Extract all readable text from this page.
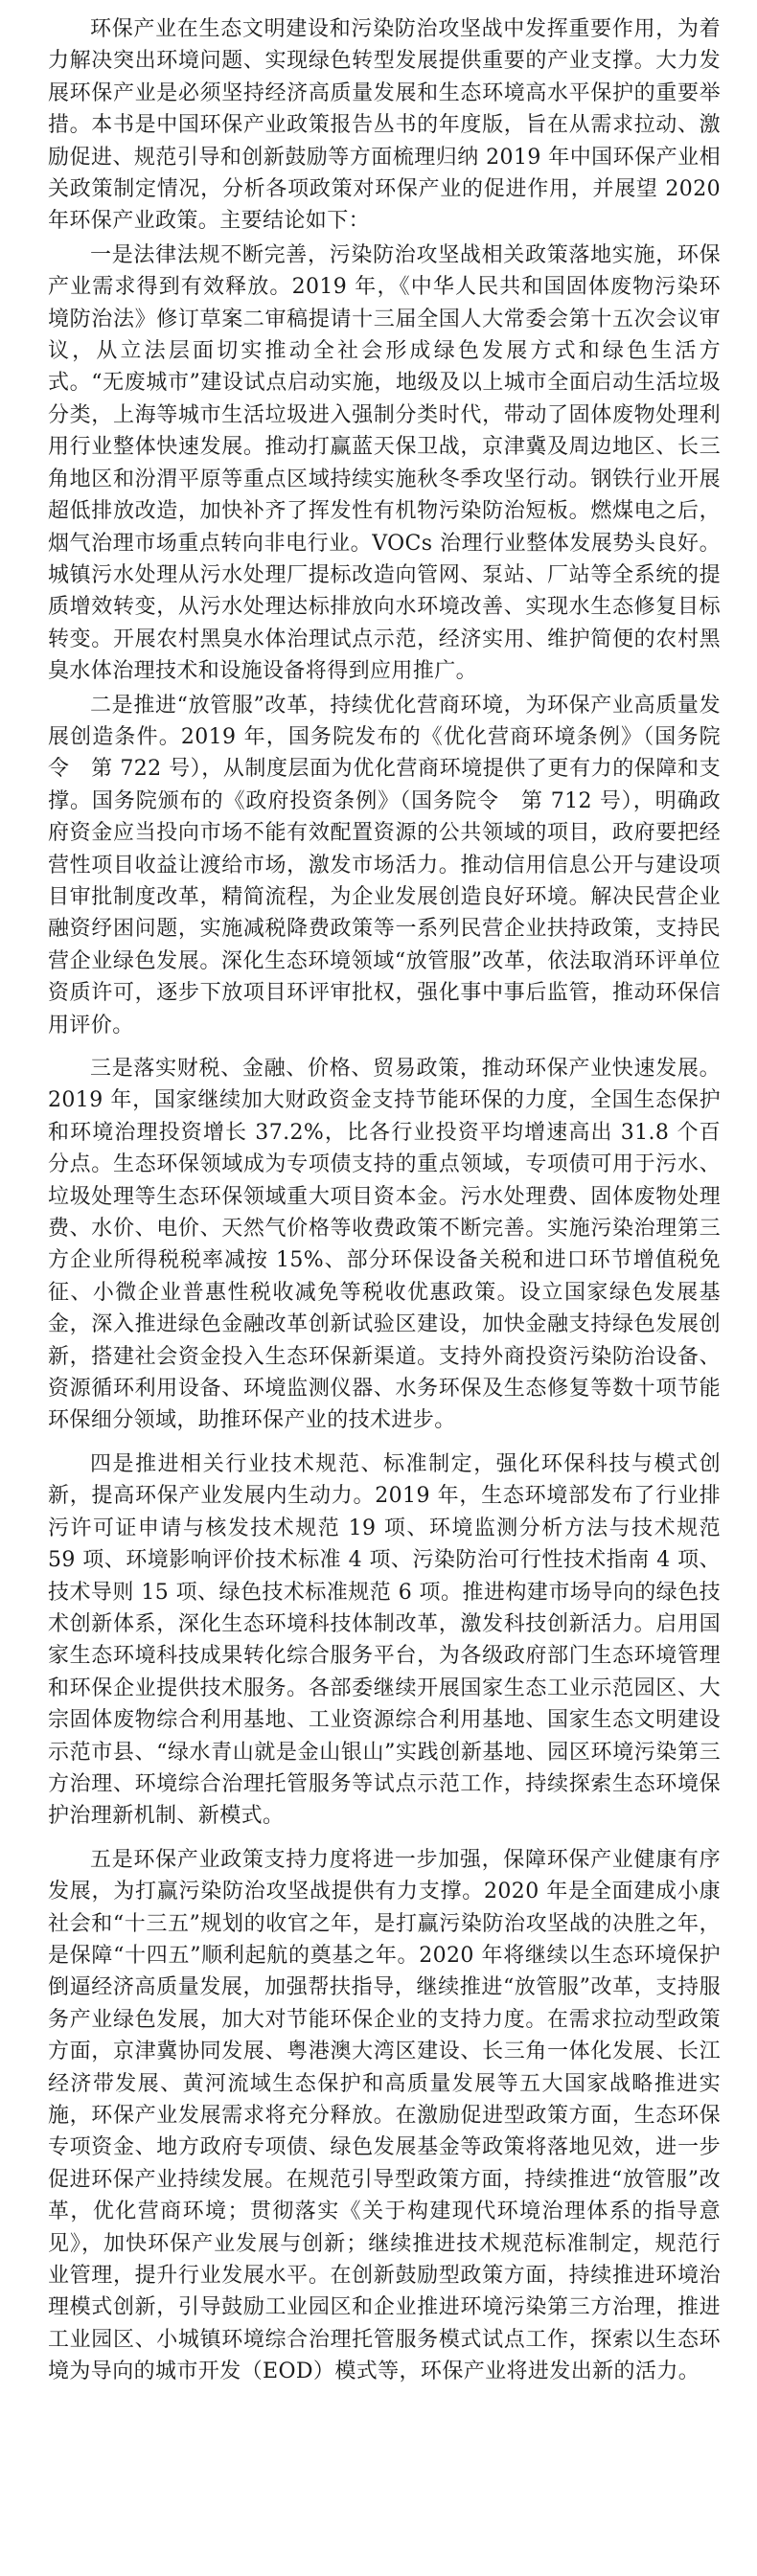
环保产业在生态文明建设和污染防治攻坚战中发挥重要作用，为着力解决突出环境问题、实现绿色转型发展提供重要的产业支撑。大力发展环保产业是必须坚持经济高质量发展和生态环境高水平保护的重要举措。本书是中国环保产业政策报告丛书的年度版，旨在从需求拉动、激励促进、规范引导和创新鼓励等方面梳理归纳 2019 年中国环保产业相关政策制定情况，分析各项政策对环保产业的促进作用，并展望 2020 年环保产业政策。主要结论如下：

一是法律法规不断完善，污染防治攻坚战相关政策落地实施，环保产业需求得到有效释放。2019 年，《中华人民共和国固体废物污染环境防治法》修订草案二审稿提请十三届全国人大常委会第十五次会议审议，从立法层面切实推动全社会形成绿色发展方式和绿色生活方式。“无废城市”建设试点启动实施，地级及以上城市全面启动生活垃圾分类，上海等城市生活垃圾进入强制分类时代，带动了固体废物处理利用行业整体快速发展。推动打赢蓝天保卫战，京津冀及周边地区、长三角地区和汾渭平原等重点区域持续实施秋冬季攻坚行动。钢铁行业开展超低排放改造，加快补齐了挥发性有机物污染防治短板。燃煤电之后，烟气治理市场重点转向非电行业。VOCs 治理行业整体发展势头良好。城镇污水处理从污水处理厂提标改造向管网、泵站、厂站等全系统的提质增效转变，从污水处理达标排放向水环境改善、实现水生态修复目标转变。开展农村黑臭水体治理试点示范，经济实用、维护简便的农村黑臭水体治理技术和设施设备将得到应用推广。

二是推进“放管服”改革，持续优化营商环境，为环保产业高质量发展创造条件。2019 年，国务院发布的《优化营商环境条例》（国务院令　第 722 号），从制度层面为优化营商环境提供了更有力的保障和支撑。国务院颁布的《政府投资条例》（国务院令　第 712 号），明确政府资金应当投向市场不能有效配置资源的公共领域的项目，政府要把经营性项目收益让渡给市场，激发市场活力。推动信用信息公开与建设项目审批制度改革，精简流程，为企业发展创造良好环境。解决民营企业融资纾困问题，实施减税降费政策等一系列民营企业扶持政策，支持民营企业绿色发展。深化生态环境领域“放管服”改革，依法取消环评单位资质许可，逐步下放项目环评审批权，强化事中事后监管，推动环保信用评价。

三是落实财税、金融、价格、贸易政策，推动环保产业快速发展。2019 年，国家继续加大财政资金支持节能环保的力度，全国生态保护和环境治理投资增长 37.2%，比各行业投资平均增速高出 31.8 个百分点。生态环保领域成为专项债支持的重点领域，专项债可用于污水、垃圾处理等生态环保领域重大项目资本金。污水处理费、固体废物处理费、水价、电价、天然气价格等收费政策不断完善。实施污染治理第三方企业所得税税率减按 15%、部分环保设备关税和进口环节增值税免征、小微企业普惠性税收减免等税收优惠政策。设立国家绿色发展基金，深入推进绿色金融改革创新试验区建设，加快金融支持绿色发展创新，搭建社会资金投入生态环保新渠道。支持外商投资污染防治设备、资源循环利用设备、环境监测仪器、水务环保及生态修复等数十项节能环保细分领域，助推环保产业的技术进步。

四是推进相关行业技术规范、标准制定，强化环保科技与模式创新，提高环保产业发展内生动力。2019 年，生态环境部发布了行业排污许可证申请与核发技术规范 19 项、环境监测分析方法与技术规范 59 项、环境影响评价技术标准 4 项、污染防治可行性技术指南 4 项、技术导则 15 项、绿色技术标准规范 6 项。推进构建市场导向的绿色技术创新体系，深化生态环境科技体制改革，激发科技创新活力。启用国家生态环境科技成果转化综合服务平台，为各级政府部门生态环境管理和环保企业提供技术服务。各部委继续开展国家生态工业示范园区、大宗固体废物综合利用基地、工业资源综合利用基地、国家生态文明建设示范市县、“绿水青山就是金山银山”实践创新基地、园区环境污染第三方治理、环境综合治理托管服务等试点示范工作，持续探索生态环境保护治理新机制、新模式。

五是环保产业政策支持力度将进一步加强，保障环保产业健康有序发展，为打赢污染防治攻坚战提供有力支撑。2020 年是全面建成小康社会和“十三五”规划的收官之年，是打赢污染防治攻坚战的决胜之年，是保障“十四五”顺利起航的奠基之年。2020 年将继续以生态环境保护倒逼经济高质量发展，加强帮扶指导，继续推进“放管服”改革，支持服务产业绿色发展，加大对节能环保企业的支持力度。在需求拉动型政策方面，京津冀协同发展、粤港澳大湾区建设、长三角一体化发展、长江经济带发展、黄河流域生态保护和高质量发展等五大国家战略推进实施，环保产业发展需求将充分释放。在激励促进型政策方面，生态环保专项资金、地方政府专项债、绿色发展基金等政策将落地见效，进一步促进环保产业持续发展。在规范引导型政策方面，持续推进“放管服”改革，优化营商环境；贯彻落实《关于构建现代环境治理体系的指导意见》，加快环保产业发展与创新；继续推进技术规范标准制定，规范行业管理，提升行业发展水平。在创新鼓励型政策方面，持续推进环境治理模式创新，引导鼓励工业园区和企业推进环境污染第三方治理，推进工业园区、小城镇环境综合治理托管服务模式试点工作，探索以生态环境为导向的城市开发（EOD）模式等，环保产业将进发出新的活力。
